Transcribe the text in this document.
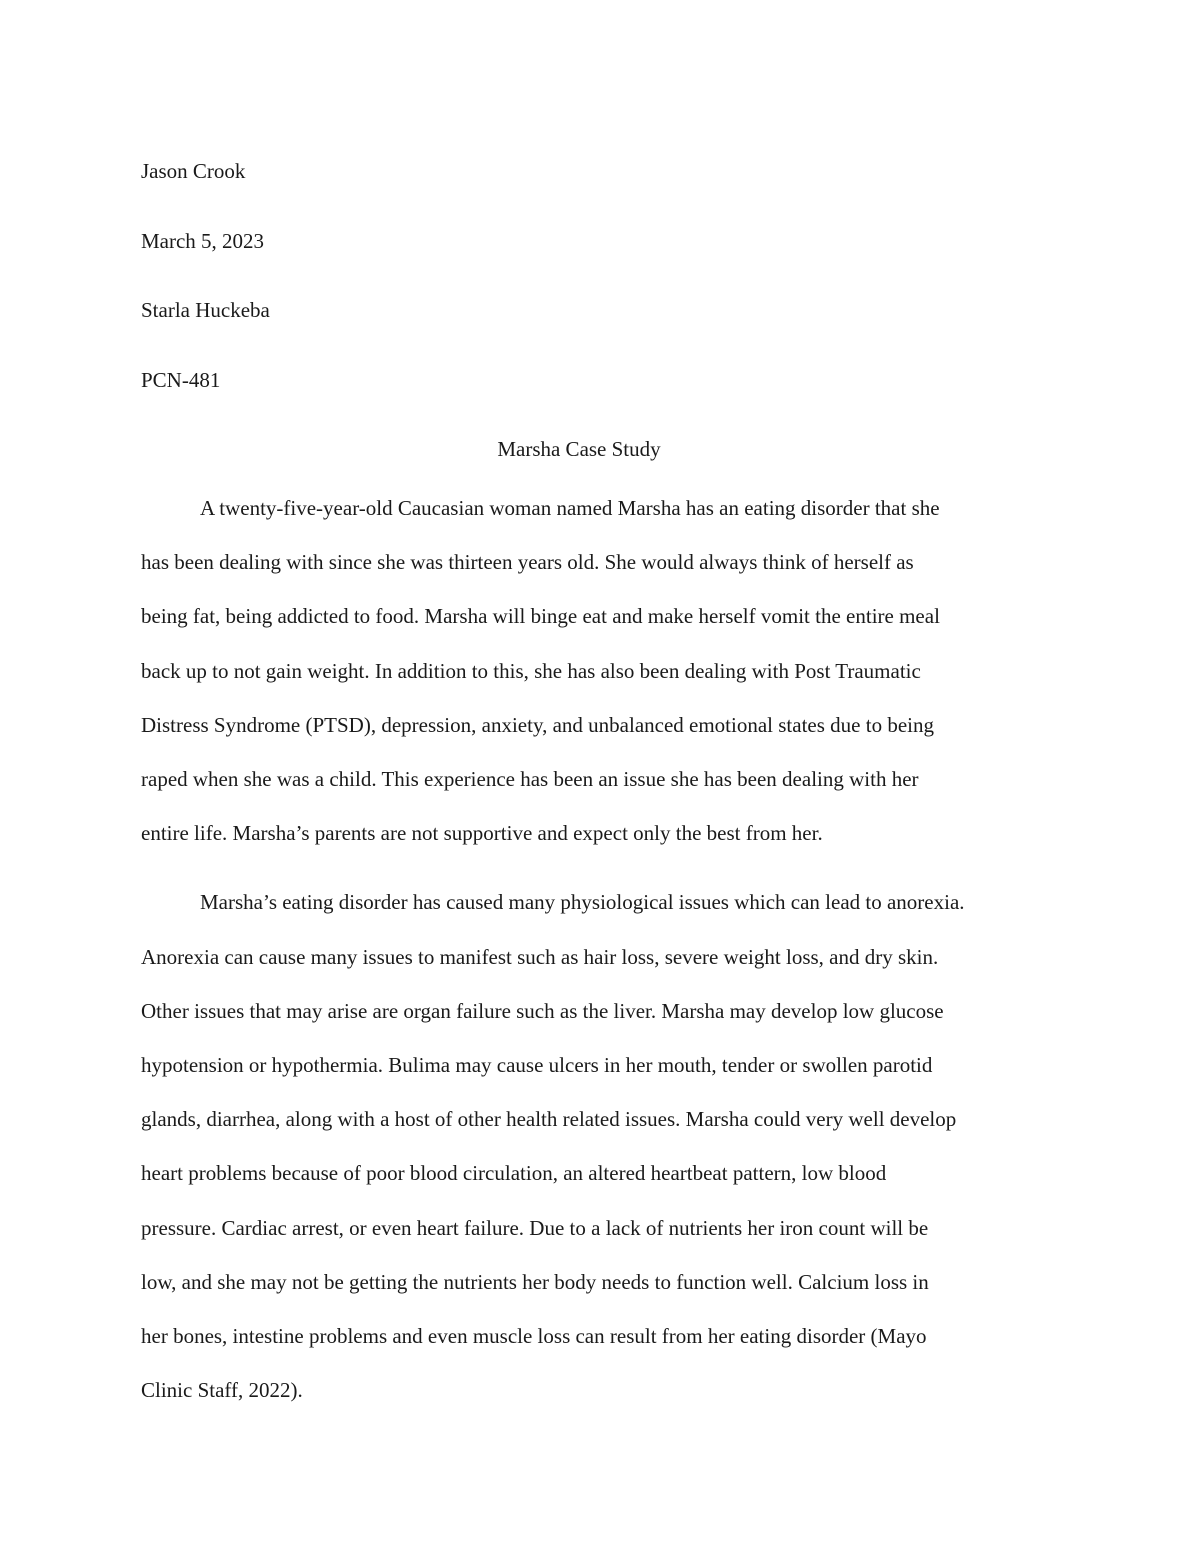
Jason Crook
March 5, 2023
Starla Huckeba
PCN-481
Marsha Case Study

A twenty-five-year-old Caucasian woman named Marsha has an eating disorder that she
has been dealing with since she was thirteen years old. She would always think of herself as
being fat, being addicted to food. Marsha will binge eat and make herself vomit the entire meal
back up to not gain weight. In addition to this, she has also been dealing with Post Traumatic
Distress Syndrome (PTSD), depression, anxiety, and unbalanced emotional states due to being
raped when she was a child. This experience has been an issue she has been dealing with her
entire life. Marsha’s parents are not supportive and expect only the best from her.

Marsha’s eating disorder has caused many physiological issues which can lead to anorexia.
Anorexia can cause many issues to manifest such as hair loss, severe weight loss, and dry skin.
Other issues that may arise are organ failure such as the liver. Marsha may develop low glucose
hypotension or hypothermia. Bulima may cause ulcers in her mouth, tender or swollen parotid
glands, diarrhea, along with a host of other health related issues. Marsha could very well develop
heart problems because of poor blood circulation, an altered heartbeat pattern, low blood
pressure. Cardiac arrest, or even heart failure. Due to a lack of nutrients her iron count will be
low, and she may not be getting the nutrients her body needs to function well. Calcium loss in
her bones, intestine problems and even muscle loss can result from her eating disorder (Mayo
Clinic Staff, 2022).
